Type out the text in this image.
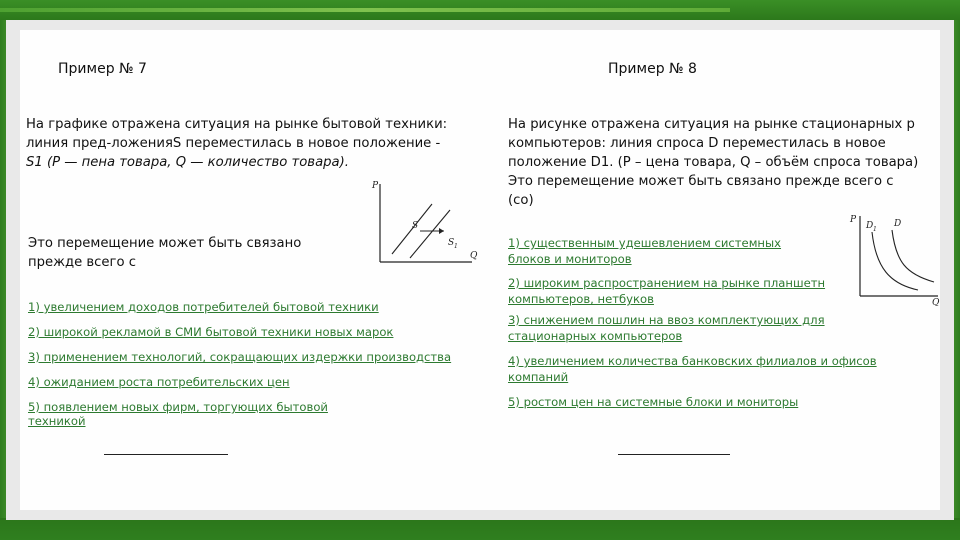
Пример № 7
На графике отражена ситуация на рынке бытовой техники:
линия пред-ложенияS переместилась в новое положение -
S1 (P — пена товара, Q — количество товара).
Это перемещение может быть связано
прежде всего с
P
Q
S
S 1
1) увеличением доходов потребителей бытовой техники
2) широкой рекламой в СМИ бытовой техники новых марок
3) применением технологий, сокращающих издержки производства
4) ожиданием роста потребительских цен
5) появлением новых фирм, торгующих бытовой
техникой
Пример № 8
На рисунке отражена ситуация на рынке стационарных р
компьютеров: линия спроса D переместилась в новое
положение D1. (Р – цена товара, Q – объём спроса товара)
Это перемещение может быть связано прежде всего с
(со)
P
Q
D 1
D
1) существенным удешевлением системных
блоков и мониторов
2) широким распространением на рынке планшетн
компьютеров, нетбуков
3) снижением пошлин на ввоз комплектующих для
стационарных компьютеров
4) увеличением количества банковских филиалов и офисов
компаний
5) ростом цен на системные блоки и мониторы
